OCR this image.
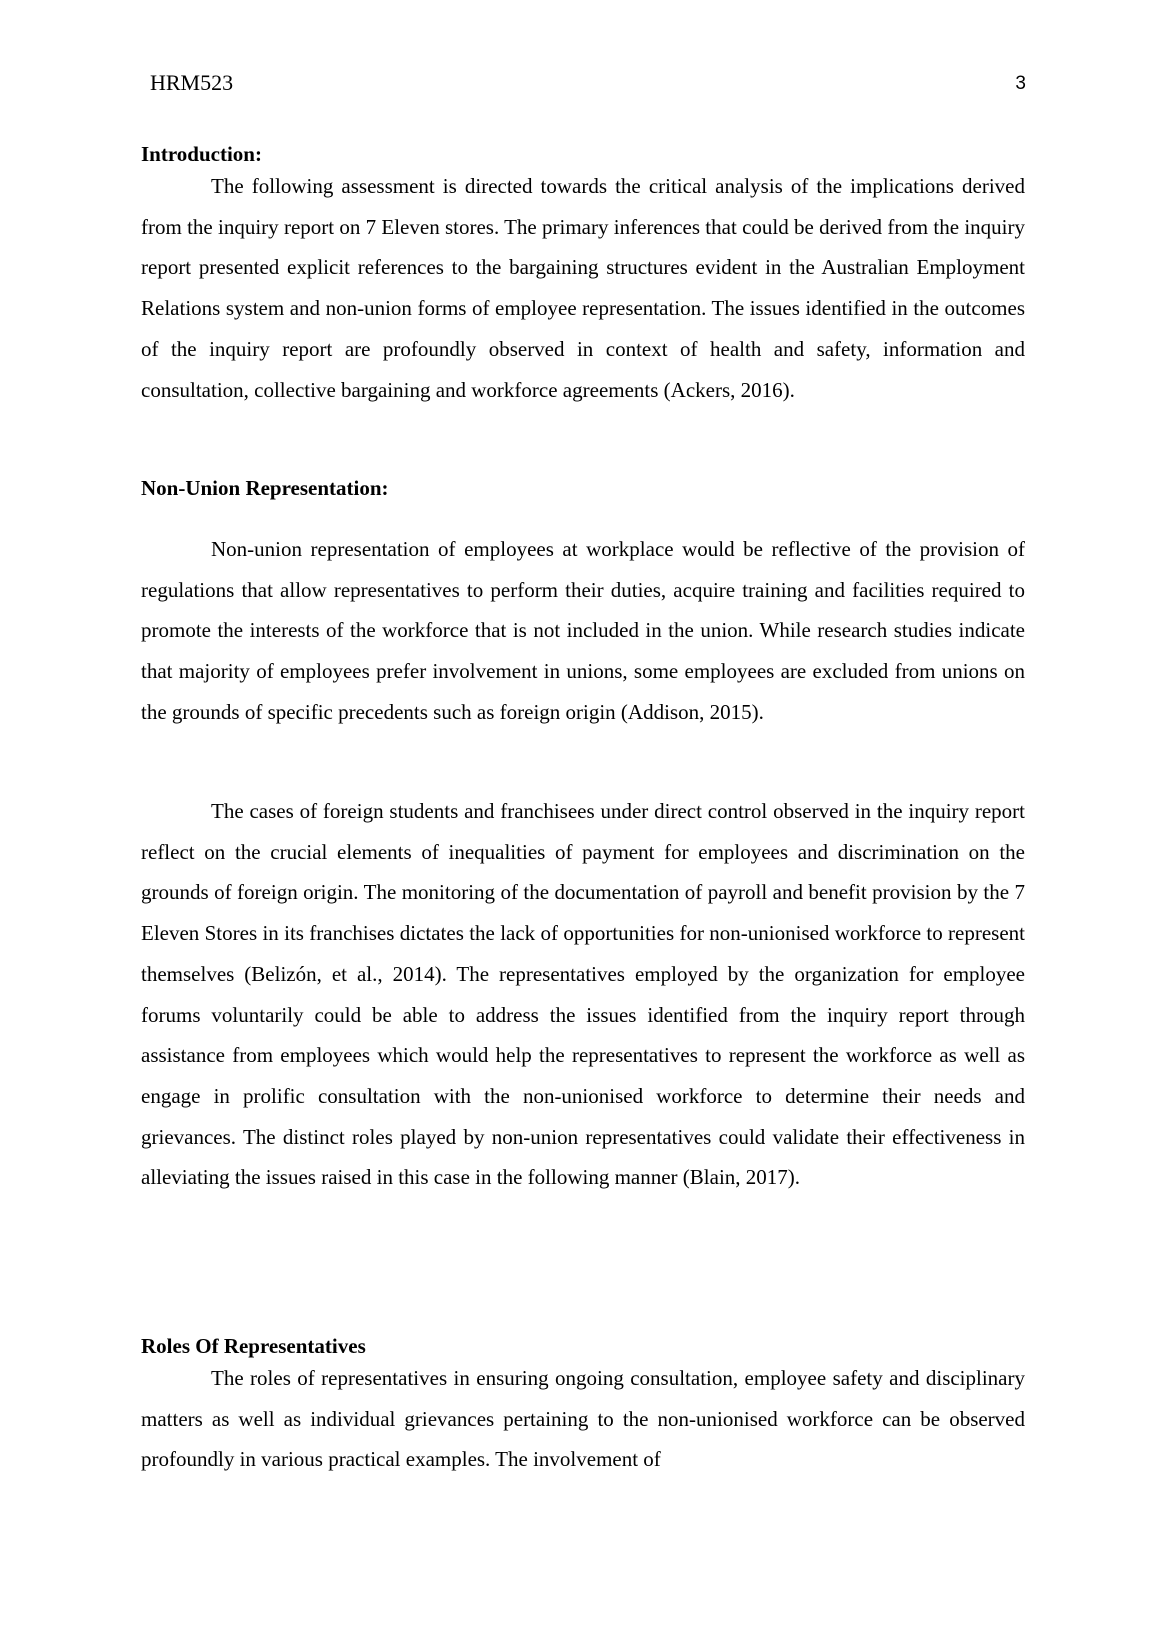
HRM523	3
Introduction:

The following assessment is directed towards the critical analysis of the implications derived from the inquiry report on 7 Eleven stores. The primary inferences that could be derived from the inquiry report presented explicit references to the bargaining structures evident in the Australian Employment Relations system and non-union forms of employee representation. The issues identified in the outcomes of the inquiry report are profoundly observed in context of health and safety, information and consultation, collective bargaining and workforce agreements (Ackers, 2016).

Non-Union Representation:

Non-union representation of employees at workplace would be reflective of the provision of regulations that allow representatives to perform their duties, acquire training and facilities required to promote the interests of the workforce that is not included in the union. While research studies indicate that majority of employees prefer involvement in unions, some employees are excluded from unions on the grounds of specific precedents such as foreign origin (Addison, 2015).

The cases of foreign students and franchisees under direct control observed in the inquiry report reflect on the crucial elements of inequalities of payment for employees and discrimination on the grounds of foreign origin. The monitoring of the documentation of payroll and benefit provision by the 7 Eleven Stores in its franchises dictates the lack of opportunities for non-unionised workforce to represent themselves (Belizón, et al., 2014). The representatives employed by the organization for employee forums voluntarily could be able to address the issues identified from the inquiry report through assistance from employees which would help the representatives to represent the workforce as well as engage in prolific consultation with the non-unionised workforce to determine their needs and grievances. The distinct roles played by non-union representatives could validate their effectiveness in alleviating the issues raised in this case in the following manner (Blain, 2017).

Roles Of Representatives

The roles of representatives in ensuring ongoing consultation, employee safety and disciplinary matters as well as individual grievances pertaining to the non-unionised workforce can be observed profoundly in various practical examples. The involvement of
